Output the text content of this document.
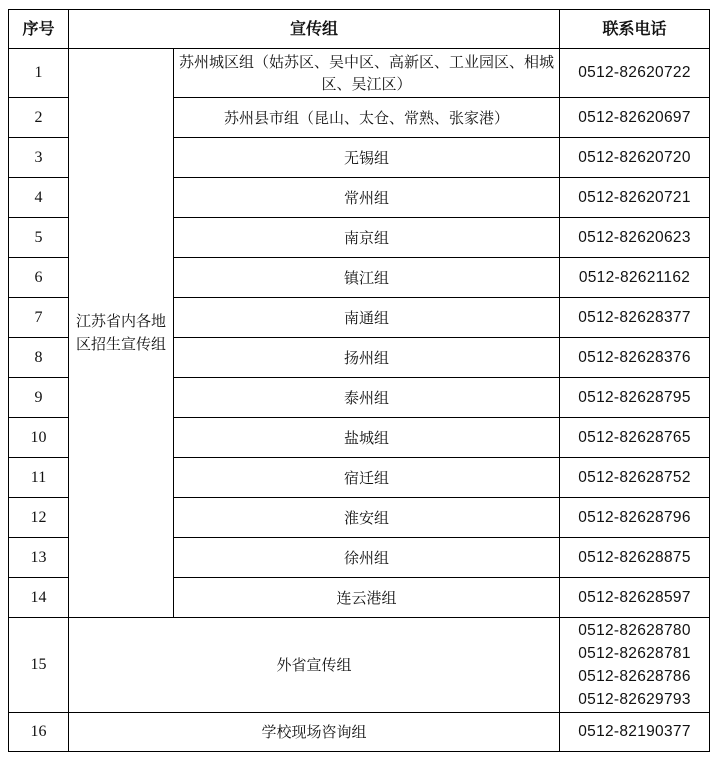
序号	宣传组		联系电话
1	江苏省内各地区招生宣传组	苏州城区组（姑苏区、吴中区、高新区、工业园区、相城区、吴江区）	0512-82620722
2		苏州县市组（昆山、太仓、常熟、张家港）	0512-82620697
3		无锡组	0512-82620720
4		常州组	0512-82620721
5		南京组	0512-82620623
6		镇江组	0512-82621162
7		南通组	0512-82628377
8		扬州组	0512-82628376
9		泰州组	0512-82628795
10		盐城组	0512-82628765
11		宿迁组	0512-82628752
12		淮安组	0512-82628796
13		徐州组	0512-82628875
14		连云港组	0512-82628597
15	外省宣传组		0512-82628780
0512-82628781
0512-82628786
0512-82629793

16	学校现场咨询组		0512-82190377
